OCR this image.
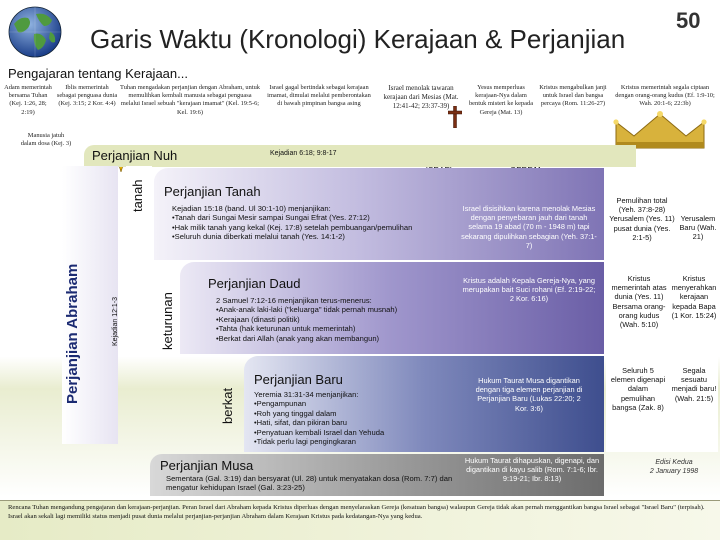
Garis Waktu (Kronologi) Kerajaan & Perjanjian
50
Pengajaran tentang Kerajaan...
Adam memerintah bersama Tuhan (Kej. 1:26, 28; 2:19)
Iblis memerintah sebagai penguasa dunia (Kej. 3:15; 2 Kor. 4:4)
Tuhan mengadakan perjanjian dengan Abraham, untuk memulihkan kembali manusia sebagai penguasa melalui Israel sebuah "kerajaan imamat" (Kel. 19:5-6; Kel. 19:6)
Israel gagal bertindak sebagai kerajaan imamat, dimulai melalui pemberontakan di bawah pimpinan bangsa asing
Israel menolak tawaran kerajaan dari Mesias (Mat. 12:41-42; 23:37-39)
Yesus memperluas kerajaan-Nya dalam bentuk misteri ke kepada Gereja (Mat. 13)
Kristus mengabulkan janji untuk Israel dan bangsa percaya (Rom. 11:26-27)
Kristus memerintah segala ciptaan dengan orang-orang kudus (Ef. 1:9-10; Wah. 20:1-6; 22:3b)
Manusia jatuh dalam dosa (Kej. 3)
Perjanjian Nuh	Kejadian 6:18; 9:8-17
Perjanjian Abraham	Kejadian 12:1-3
tanah Perjanjian Tanah
Kejadian 15:18 (band. Ul 30:1-10) menjanjikan:
•Tanah dari Sungai Mesir sampai Sungai Efrat (Yes. 27:12)
•Hak milik tanah yang kekal (Kej. 17:8) setelah pembuangan/pemulihan
•Seluruh dunia diberkati melalui tanah (Yes. 14:1-2)
Israel disisihkan karena menolak Mesias dengan penyebaran jauh dari tanah selama 19 abad (70 m - 1948 m) tapi sekarang dipulihkan sebagian (Yeh. 37:1-7)
Pemulihan total (Yeh. 37:8-28) Yerusalem (Yes. 11) pusat dunia (Yes. 2:1-5)
Yerusalem Baru (Wah. 21)
keturunan
Perjanjian Daud
2 Samuel 7:12-16 menjanjikan terus-menerus:
•Anak-anak laki-laki ("keluarga" tidak pernah musnah)
•Kerajaan (dinasti politik)
•Tahta (hak keturunan untuk memerintah)
•Berkat dari Allah (anak yang akan membangun)
Kristus adalah Kepala Gereja-Nya, yang merupakan bait Suci rohani (Ef. 2:19-22; 2 Kor. 6:16)
Kristus memerintah atas dunia (Yes. 11) Bersama orang-orang kudus (Wah. 5:10)
Kristus menyerahkan kerajaan kepada Bapa (1 Kor. 15:24)
berkat
Perjanjian Baru
Yeremia 31:31-34 menjanjikan:
•Pengampunan
•Roh yang tinggal dalam
•Hati, sifat, dan pikiran baru
•Penyatuan kembali Israel dan Yehuda
•Tidak perlu lagi pengingkaran
Hukum Taurat Musa digantikan dengan tiga elemen perjanjian di Perjanjian Baru (Lukas 22:20; 2 Kor. 3:6)
Seluruh 5 elemen digenapi dalam pemulihan bangsa (Zak. 8)
Segala sesuatu menjadi baru! (Wah. 21:5)
Perjanjian Musa
Sementara (Gal. 3:19) dan bersyarat (Ul. 28) untuk menyatakan dosa (Rom. 7:7) dan mengatur kehidupan Israel (Gal. 3:23-25)
Hukum Taurat dihapuskan, digenapi, dan digantikan di kayu salib (Rom. 7:1-6; Ibr. 9:19-21; Ibr. 8:13)
Edisi Kedua
2 January 1998
Rencana Tuhan mengandung pengajaran dan kerajaan-perjanjian. Peran Israel dari Abraham kepada Kristus diperluas dengan menyelaraskan Gereja (kesatuan bangsa) walaupun Gereja tidak akan pernah menggantikan bangsa Israel sebagai "Israel Baru" (terpisah). Israel akan sekali lagi memiliki status menjadi pusat dunia melalui perjanjian-perjanjian Abraham dalam Kerajaan Kristus pada kedatangan-Nya yang kedua.
